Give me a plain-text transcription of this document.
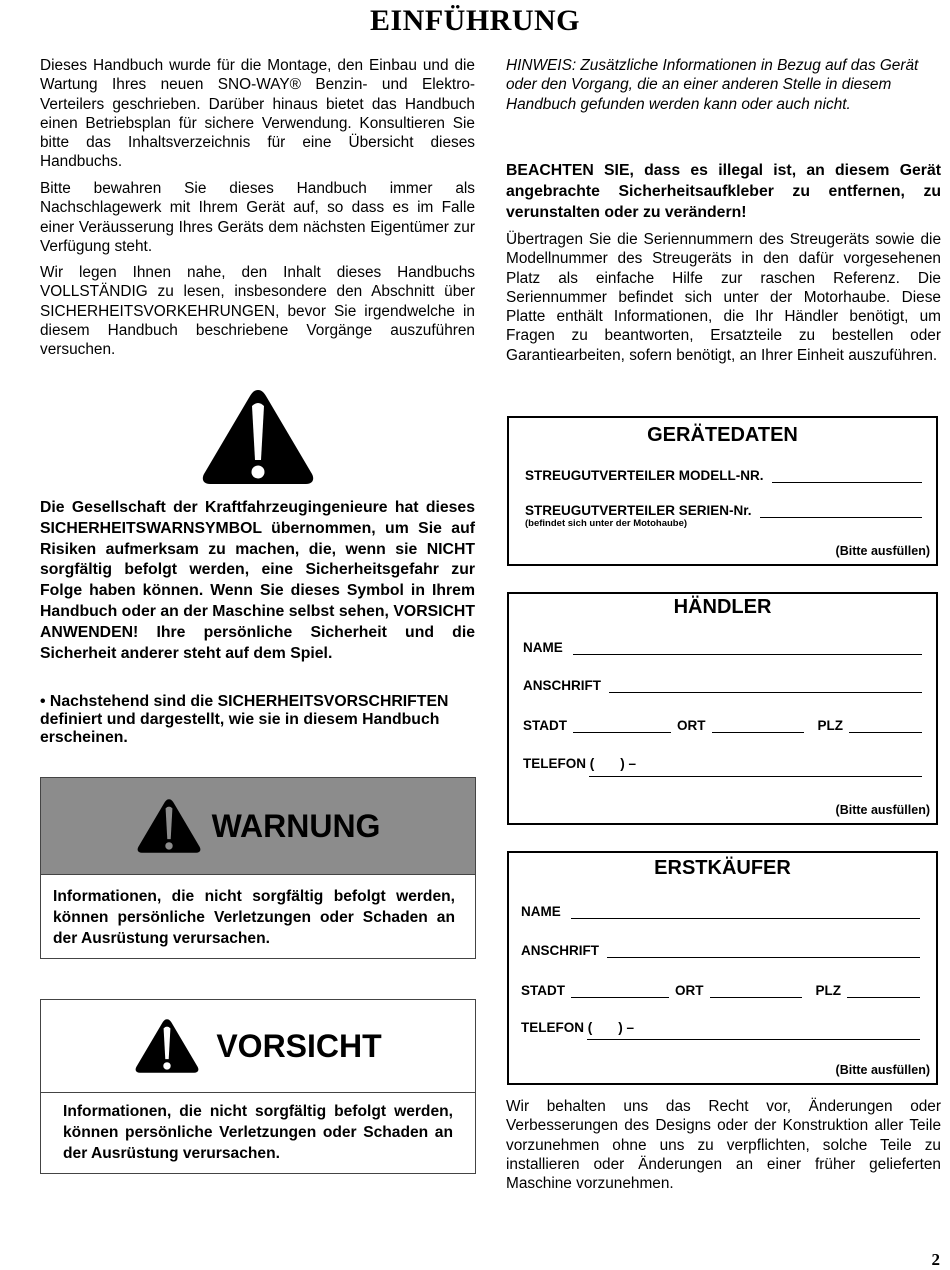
EINFÜHRUNG

Dieses Handbuch wurde für die Montage, den Einbau und die Wartung Ihres neuen SNO-WAY® Benzin- und Elektro-Verteilers geschrieben. Darüber hinaus bietet das Handbuch einen Betriebsplan für sichere Verwendung. Konsultieren Sie bitte das Inhaltsverzeichnis für eine Übersicht dieses Handbuchs.

Bitte bewahren Sie dieses Handbuch immer als Nachschlagewerk mit Ihrem Gerät auf, so dass es im Falle einer Veräusserung Ihres Geräts dem nächsten Eigentümer zur Verfügung steht.

Wir legen Ihnen nahe, den Inhalt dieses Handbuchs VOLLSTÄNDIG zu lesen, insbesondere den Abschnitt über SICHERHEITSVORKEHRUNGEN, bevor Sie irgendwelche in diesem Handbuch beschriebene Vorgänge auszuführen versuchen.

Die Gesellschaft der Kraftfahrzeugingenieure hat dieses SICHERHEITSWARNSYMBOL übernommen, um Sie auf Risiken aufmerksam zu machen, die, wenn sie NICHT sorgfältig befolgt werden, eine Sicherheitsgefahr zur Folge haben können. Wenn Sie dieses Symbol in Ihrem Handbuch oder an der Maschine selbst sehen, VORSICHT ANWENDEN! Ihre persönliche Sicherheit und die Sicherheit anderer steht auf dem Spiel.

• Nachstehend sind die SICHERHEITSVORSCHRIFTEN definiert und dargestellt, wie sie in diesem Handbuch erscheinen.

WARNUNG
Informationen, die nicht sorgfältig befolgt werden, können persönliche Verletzungen oder Schaden an der Ausrüstung verursachen.
VORSICHT
Informationen, die nicht sorgfältig befolgt werden, können persönliche Verletzungen oder Schaden an der Ausrüstung verursachen.

HINWEIS: Zusätzliche Informationen in Bezug auf das Gerät oder den Vorgang, die an einer anderen Stelle in diesem Handbuch gefunden werden kann oder auch nicht.

BEACHTEN SIE, dass es illegal ist, an diesem Gerät angebrachte Sicherheitsaufkleber zu entfernen, zu verunstalten oder zu verändern!

Übertragen Sie die Seriennummern des Streugeräts sowie die Modellnummer des Streugeräts in den dafür vorgesehenen Platz als einfache Hilfe zur raschen Referenz. Die Seriennummer befindet sich unter der Motorhaube. Diese Platte enthält Informationen, die Ihr Händler benötigt, um Fragen zu beantworten, Ersatzteile zu bestellen oder Garantiearbeiten, sofern benötigt, an Ihrer Einheit auszuführen.

GERÄTEDATEN
STREUGUTVERTEILER MODELL-NR.
STREUGUTVERTEILER SERIEN-Nr.
(befindet sich unter der Motohaube)
(Bitte ausfüllen)
HÄNDLER
NAME
ANSCHRIFT
STADT	ORT	PLZ
TELEFON ( ) –
(Bitte ausfüllen)
ERSTKÄUFER
NAME
ANSCHRIFT
STADT	ORT	PLZ
TELEFON ( ) –
(Bitte ausfüllen)

Wir behalten uns das Recht vor, Änderungen oder Verbesserungen des Designs oder der Konstruktion aller Teile vorzunehmen ohne uns zu verpflichten, solche Teile zu installieren oder Änderungen an einer früher gelieferten Maschine vorzunehmen.

2
